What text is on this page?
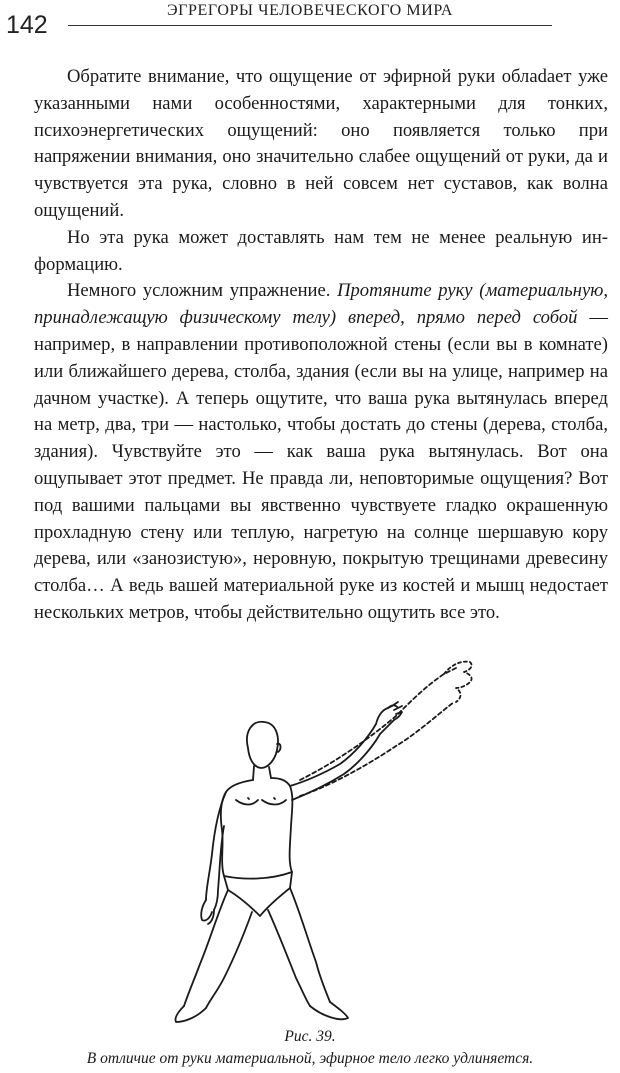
142
ЭГРЕГОРЫ ЧЕЛОВЕЧЕСКОГО МИРА

Обратите внимание, что ощущение от эфирной руки облаdает уже указанными нами особенностями, характерными для тонких, психоэнергетических ощущений: оно появляется только при напряжении внимания, оно значительно слабее ощущений от руки, да и чувствуется эта рука, словно в ней совсем нет суставов, как волна ощущений.

Но эта рука может доставлять нам тем не менее реальную информацию.

Немного усложним упражнение. Протяните руку (материальную, принадлежащую физическому телу) вперед, прямо перед собой — например, в направлении противоположной стены (если вы в комнате) или ближайшего дерева, столба, здания (если вы на улице, например на дачном участке). А теперь ощутите, что ваша рука вытянулась вперед на метр, два, три — настолько, чтобы достать до стены (дерева, столба, здания). Чувствуйте это — как ваша рука вытянулась. Вот она ощупывает этот предмет. Не правда ли, неповторимые ощущения? Вот под вашими пальцами вы явственно чувствуете гладко окрашенную прохладную стену или теплую, нагретую на солнце шершавую кору дерева, или «занозистую», неровную, покрытую трещинами древесину столба… А ведь вашей материальной руке из костей и мышц недостает нескольких метров, чтобы действительно ощутить все это.

Рис. 39.
В отличие от руки материальной, эфирное тело легко удлиняется.
